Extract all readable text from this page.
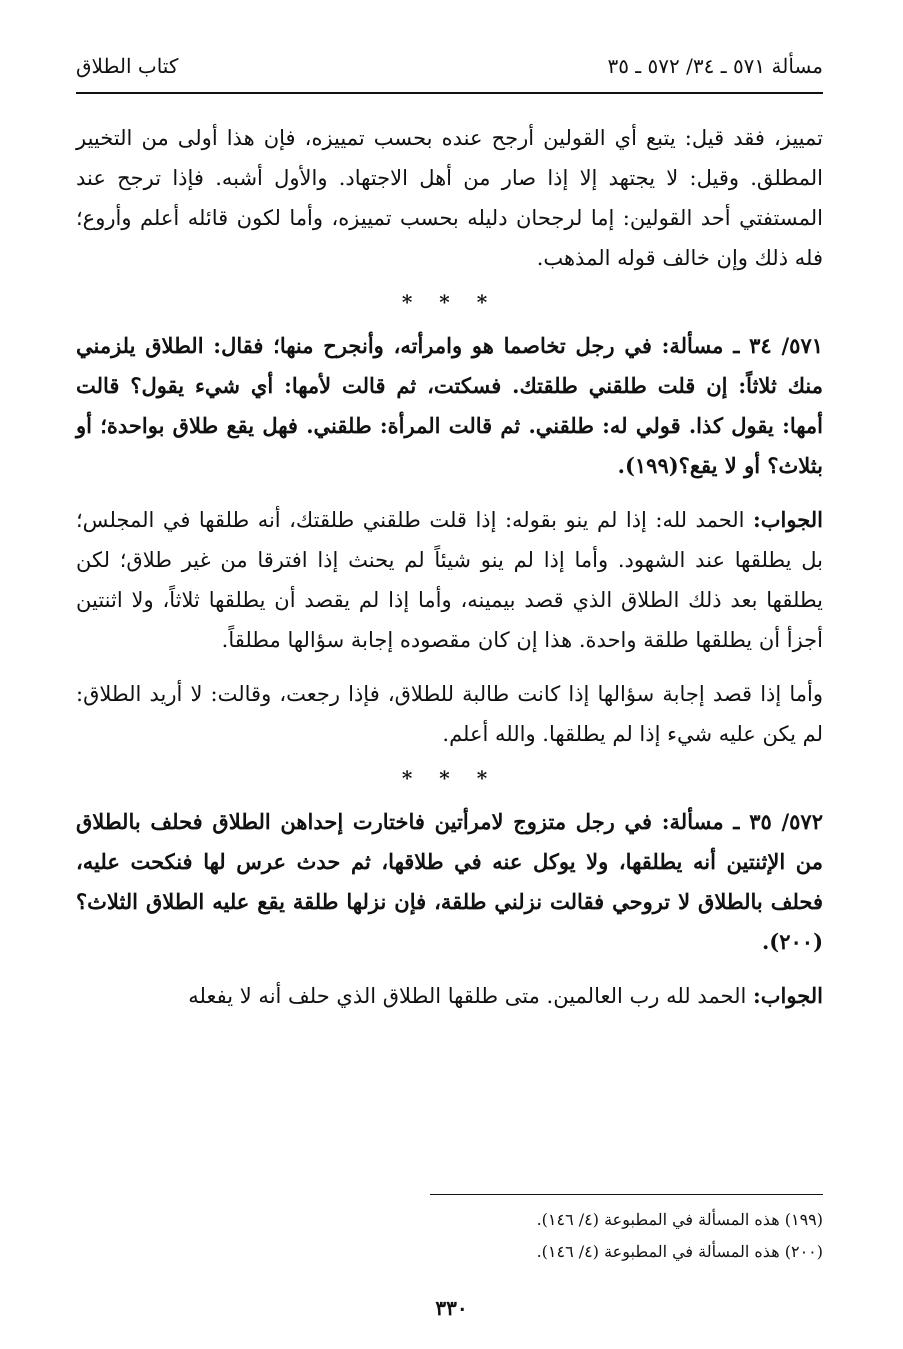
مسألة ٥٧١ ـ ٣٤/ ٥٧٢ ـ ٣٥
كتاب الطلاق

تمييز، فقد قيل: يتبع أي القولين أرجح عنده بحسب تمييزه، فإن هذا أولى من التخيير المطلق. وقيل: لا يجتهد إلا إذا صار من أهل الاجتهاد. والأول أشبه. فإذا ترجح عند المستفتي أحد القولين: إما لرجحان دليله بحسب تمييزه، وأما لكون قائله أعلم وأروع؛ فله ذلك وإن خالف قوله المذهب.

* * *

٥٧١/ ٣٤ ـ مسألة: في رجل تخاصما هو وامرأته، وأنجرح منها؛ فقال: الطلاق يلزمني منك ثلاثاً: إن قلت طلقني طلقتك. فسكتت، ثم قالت لأمها: أي شيء يقول؟ قالت أمها: يقول كذا. قولي له: طلقني. ثم قالت المرأة: طلقني. فهل يقع طلاق بواحدة؛ أو بثلاث؟ أو لا يقع؟(١٩٩).

الجواب: الحمد لله: إذا لم ينو بقوله: إذا قلت طلقني طلقتك، أنه طلقها في المجلس؛ بل يطلقها عند الشهود. وأما إذا لم ينو شيئاً لم يحنث إذا افترقا من غير طلاق؛ لكن يطلقها بعد ذلك الطلاق الذي قصد بيمينه، وأما إذا لم يقصد أن يطلقها ثلاثاً، ولا اثنتين أجزأ أن يطلقها طلقة واحدة. هذا إن كان مقصوده إجابة سؤالها مطلقاً.

وأما إذا قصد إجابة سؤالها إذا كانت طالبة للطلاق، فإذا رجعت، وقالت: لا أريد الطلاق: لم يكن عليه شيء إذا لم يطلقها. والله أعلم.

* * *

٥٧٢/ ٣٥ ـ مسألة: في رجل متزوج لامرأتين فاختارت إحداهن الطلاق فحلف بالطلاق من الإثنتين أنه يطلقها، ولا يوكل عنه في طلاقها، ثم حدث عرس لها فنكحت عليه، فحلف بالطلاق لا تروحي فقالت نزلني طلقة، فإن نزلها طلقة يقع عليه الطلاق الثلاث؟(٢٠٠).

الجواب: الحمد لله رب العالمين. متى طلقها الطلاق الذي حلف أنه لا يفعله

(١٩٩) هذه المسألة في المطبوعة (٤/ ١٤٦).
(٢٠٠) هذه المسألة في المطبوعة (٤/ ١٤٦).
٣٣٠
